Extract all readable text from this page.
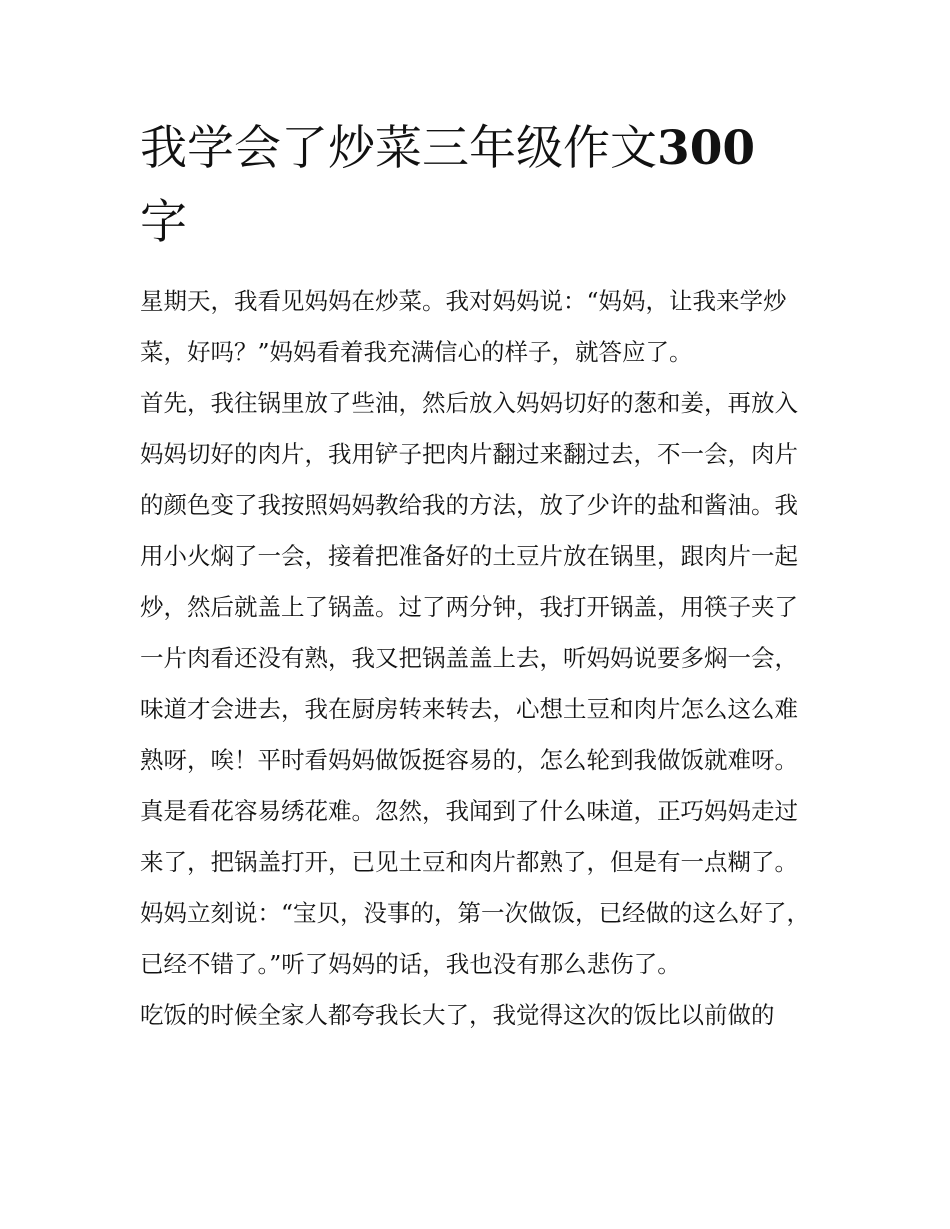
我学会了炒菜三年级作文300
字

星期天，我看见妈妈在炒菜。我对妈妈说：“妈妈，让我来学炒菜，好吗？”妈妈看着我充满信心的样子，就答应了。

首先，我往锅里放了些油，然后放入妈妈切好的葱和姜，再放入妈妈切好的肉片，我用铲子把肉片翻过来翻过去，不一会，肉片的颜色变了我按照妈妈教给我的方法，放了少许的盐和酱油。我用小火焖了一会，接着把准备好的土豆片放在锅里，跟肉片一起炒，然后就盖上了锅盖。过了两分钟，我打开锅盖，用筷子夹了一片肉看还没有熟，我又把锅盖盖上去，听妈妈说要多焖一会，味道才会进去，我在厨房转来转去，心想土豆和肉片怎么这么难熟呀，唉！平时看妈妈做饭挺容易的，怎么轮到我做饭就难呀。真是看花容易绣花难。忽然，我闻到了什么味道，正巧妈妈走过来了，把锅盖打开，已见土豆和肉片都熟了，但是有一点糊了。妈妈立刻说：“宝贝，没事的，第一次做饭，已经做的这么好了，已经不错了。”听了妈妈的话，我也没有那么悲伤了。

吃饭的时候全家人都夸我长大了，我觉得这次的饭比以前做的
